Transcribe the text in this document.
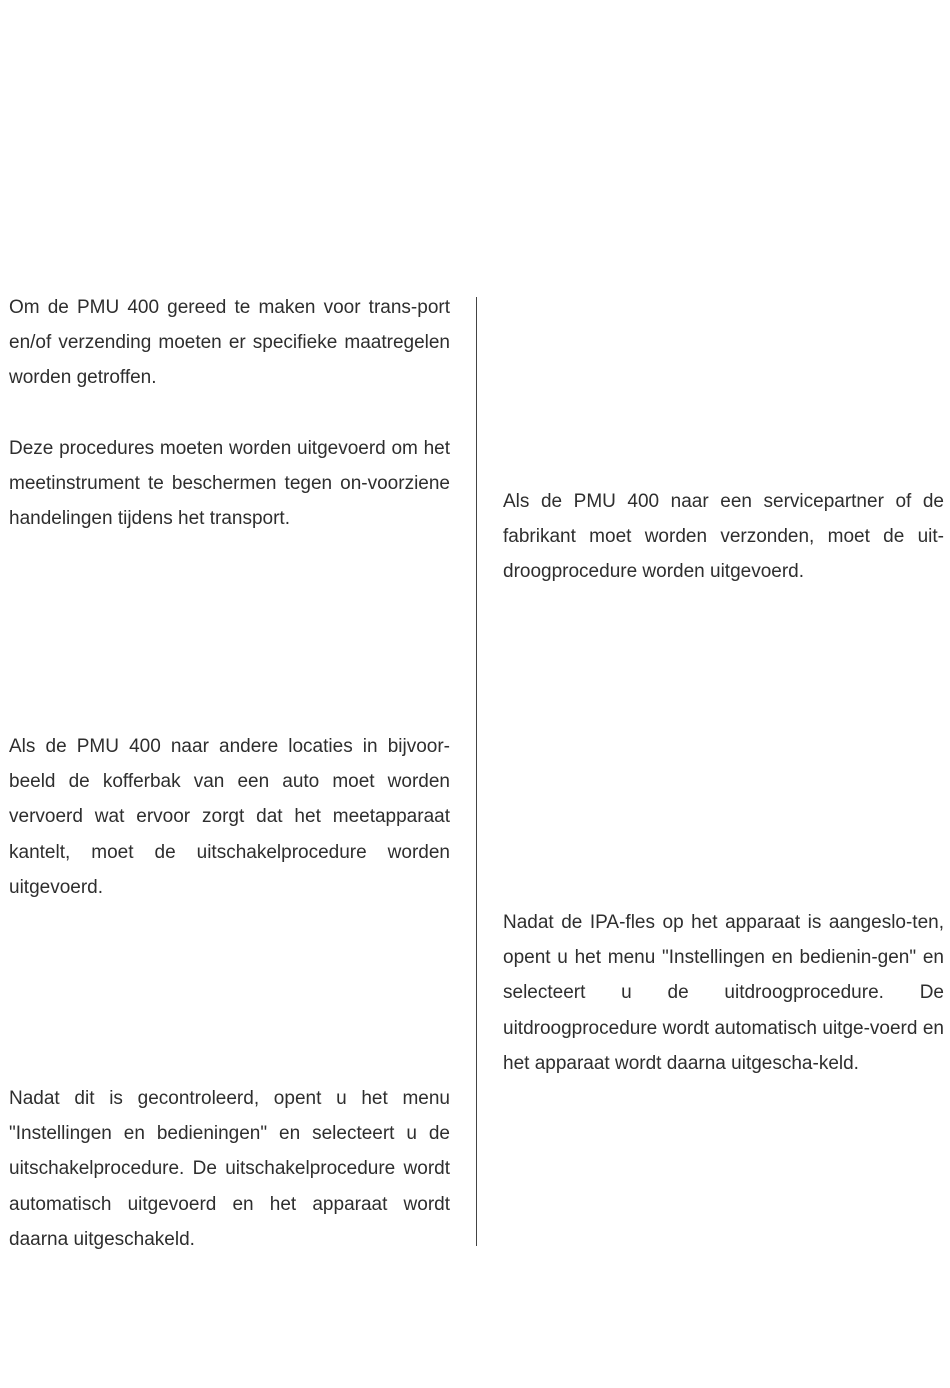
Om de PMU 400 gereed te maken voor trans-port en/of verzending moeten er specifieke maatregelen worden getroffen.

Deze procedures moeten worden uitgevoerd om het meetinstrument te beschermen tegen on-voorziene handelingen tijdens het transport.

Als de PMU 400 naar andere locaties in bijvoor-beeld de kofferbak van een auto moet worden vervoerd wat ervoor zorgt dat het meetapparaat kantelt, moet de uitschakelprocedure worden uitgevoerd.

Nadat dit is gecontroleerd, opent u het menu "Instellingen en bedieningen" en selecteert u de uitschakelprocedure. De uitschakelprocedure wordt automatisch uitgevoerd en het apparaat wordt daarna uitgeschakeld.

Als de PMU 400 naar een servicepartner of de fabrikant moet worden verzonden, moet de uit-droogprocedure worden uitgevoerd.

Nadat de IPA-fles op het apparaat is aangeslo-ten, opent u het menu "Instellingen en bedienin-gen" en selecteert u de uitdroogprocedure. De uitdroogprocedure wordt automatisch uitge-voerd en het apparaat wordt daarna uitgescha-keld.
